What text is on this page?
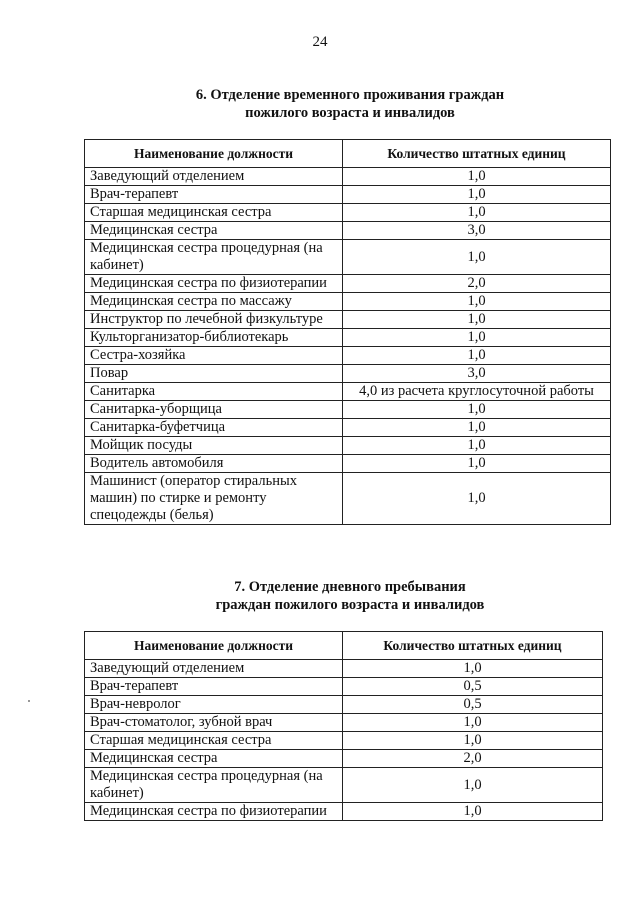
24
6. Отделение временного проживания граждан
пожилого возраста и инвалидов
Наименование должности	Количество штатных единиц
Заведующий отделением	1,0
Врач-терапевт	1,0
Старшая медицинская сестра	1,0
Медицинская сестра	3,0
Медицинская сестра процедурная (на кабинет)	1,0
Медицинская сестра по физиотерапии	2,0
Медицинская сестра по массажу	1,0
Инструктор по лечебной физкультуре	1,0
Культорганизатор-библиотекарь	1,0
Сестра-хозяйка	1,0
Повар	3,0
Санитарка	4,0 из расчета круглосуточной работы
Санитарка-уборщица	1,0
Санитарка-буфетчица	1,0
Мойщик посуды	1,0
Водитель автомобиля	1,0
Машинист (оператор стиральных машин) по стирке и ремонту спецодежды (белья)	1,0
7. Отделение дневного пребывания
граждан пожилого возраста и инвалидов
Наименование должности	Количество штатных единиц
Заведующий отделением	1,0
Врач-терапевт	0,5
Врач-невролог	0,5
Врач-стоматолог, зубной врач	1,0
Старшая медицинская сестра	1,0
Медицинская сестра	2,0
Медицинская сестра процедурная (на кабинет)	1,0
Медицинская сестра по физиотерапии	1,0
